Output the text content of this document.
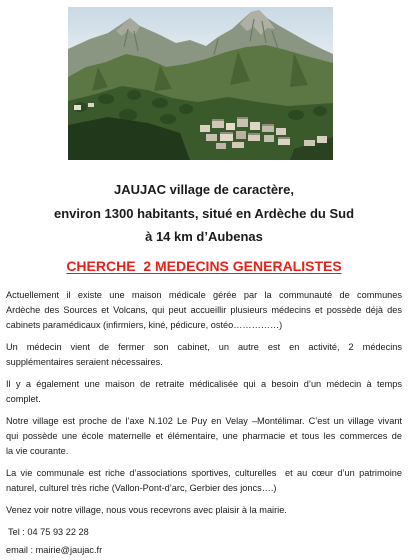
JAUJAC village de caractère,
environ 1300 habitants, situé en Ardèche du Sud
à 14 km d’Aubenas
CHERCHE  2 MEDECINS GENERALISTES
Actuellement il existe une maison médicale gérée par la communauté de communes
Ardèche des Sources et Volcans, qui peut accueillir plusieurs médecins et possède déjà des
cabinets paramédicaux (infirmiers, kiné, pédicure, ostéo……………)
Un médecin vient de fermer son cabinet, un autre est en activité, 2 médecins
supplémentaires seraient nécessaires.
Il y a également une maison de retraite médicalisée qui a besoin d’un médecin à temps
complet.
Notre village est proche de l’axe N.102 Le Puy en Velay –Montélimar. C’est un village vivant
qui possède une école maternelle et élémentaire, une pharmacie et tous les commerces de
la vie courante.
La vie communale est riche d’associations sportives, culturelles  et au cœur d’un patrimoine
naturel, culturel très riche (Vallon-Pont-d’arc, Gerbier des joncs….)
Venez voir notre village, nous vous recevrons avec plaisir à la mairie.
Tel : 04 75 93 22 28
email : mairie@jaujac.fr
